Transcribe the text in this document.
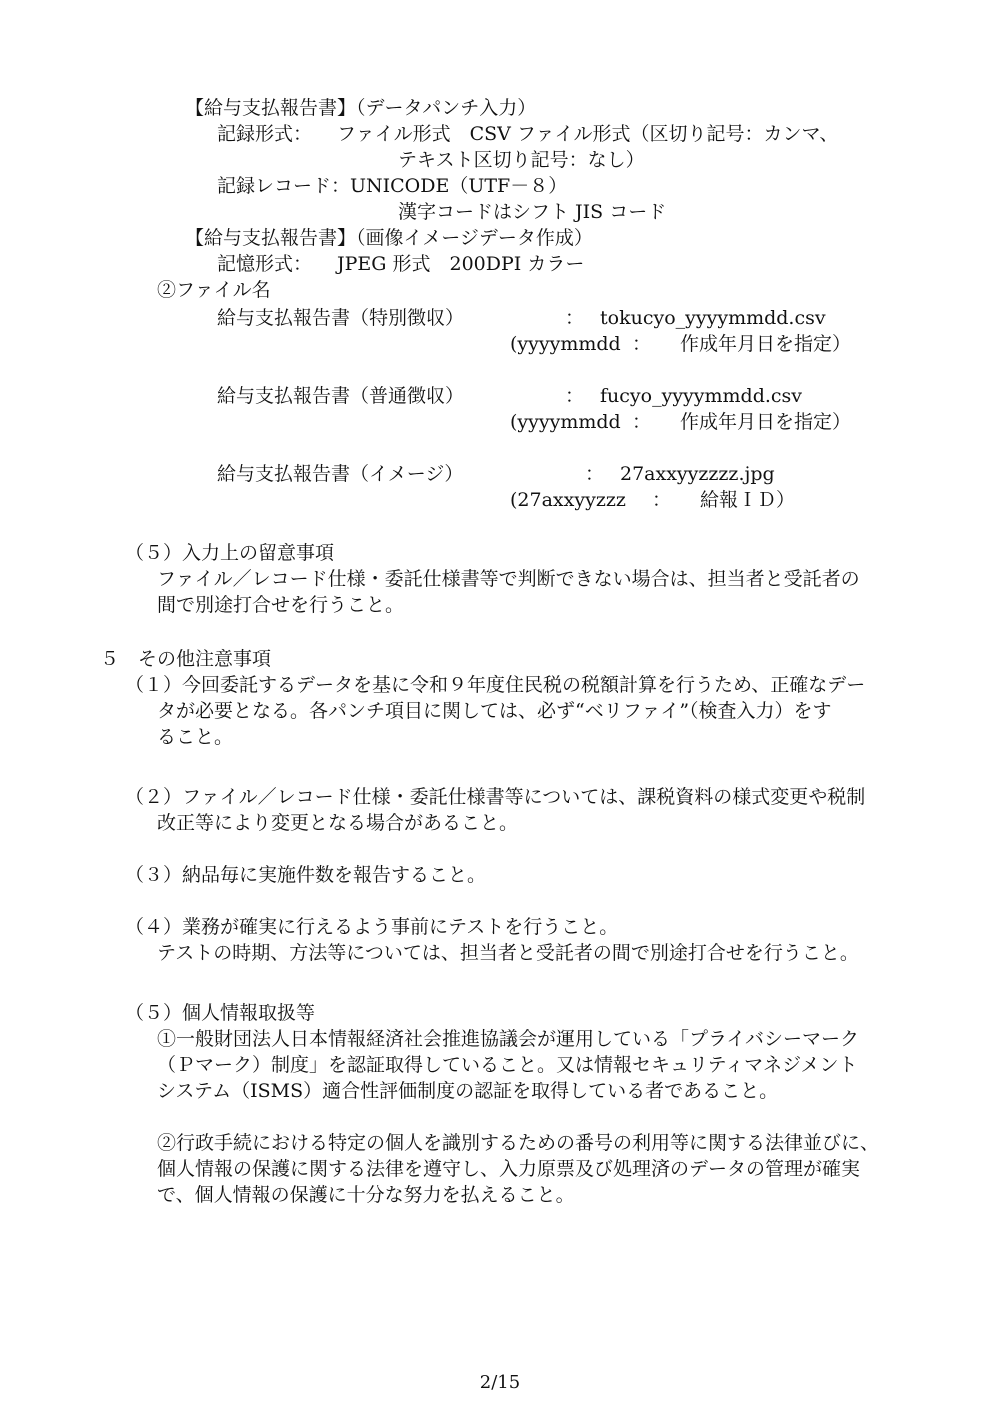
【給与支払報告書】（データパンチ入力）
記録形式： ファイル形式　CSV ファイル形式（区切り記号：カンマ、
テキスト区切り記号：なし）
記録レコード：UNICODE（UTF－８）
漢字コードはシフト JIS コード
【給与支払報告書】（画像イメージデータ作成）
記憶形式： JPEG 形式　200DPI カラー
②ファイル名
給与支払報告書（特別徴収）	： tokucyo_yyyymmdd.csv
(yyyymmdd ： 作成年月日を指定）
給与支払報告書（普通徴収）	： fucyo_yyyymmdd.csv
(yyyymmdd ： 作成年月日を指定）
給与支払報告書（イメージ）	： 27axxyyzzzz.jpg
(27axxyyzzz ： 給報ＩＤ）
（５）入力上の留意事項
ファイル／レコード仕様・委託仕様書等で判断できない場合は、担当者と受託者の
間で別途打合せを行うこと。
５　その他注意事項
（１）今回委託するデータを基に令和９年度住民税の税額計算を行うため、正確なデー
タが必要となる。各パンチ項目に関しては、必ず“ベリファイ”（検査入力）をす
ること。
（２）ファイル／レコード仕様・委託仕様書等については、課税資料の様式変更や税制
改正等により変更となる場合があること。
（３）納品毎に実施件数を報告すること。
（４）業務が確実に行えるよう事前にテストを行うこと。
テストの時期、方法等については、担当者と受託者の間で別途打合せを行うこと。
（５）個人情報取扱等
①一般財団法人日本情報経済社会推進協議会が運用している「プライバシーマーク
（Ｐマーク）制度」を認証取得していること。又は情報セキュリティマネジメント
システム（ISMS）適合性評価制度の認証を取得している者であること。
②行政手続における特定の個人を識別するための番号の利用等に関する法律並びに、
個人情報の保護に関する法律を遵守し、入力原票及び処理済のデータの管理が確実
で、個人情報の保護に十分な努力を払えること。
2/15
